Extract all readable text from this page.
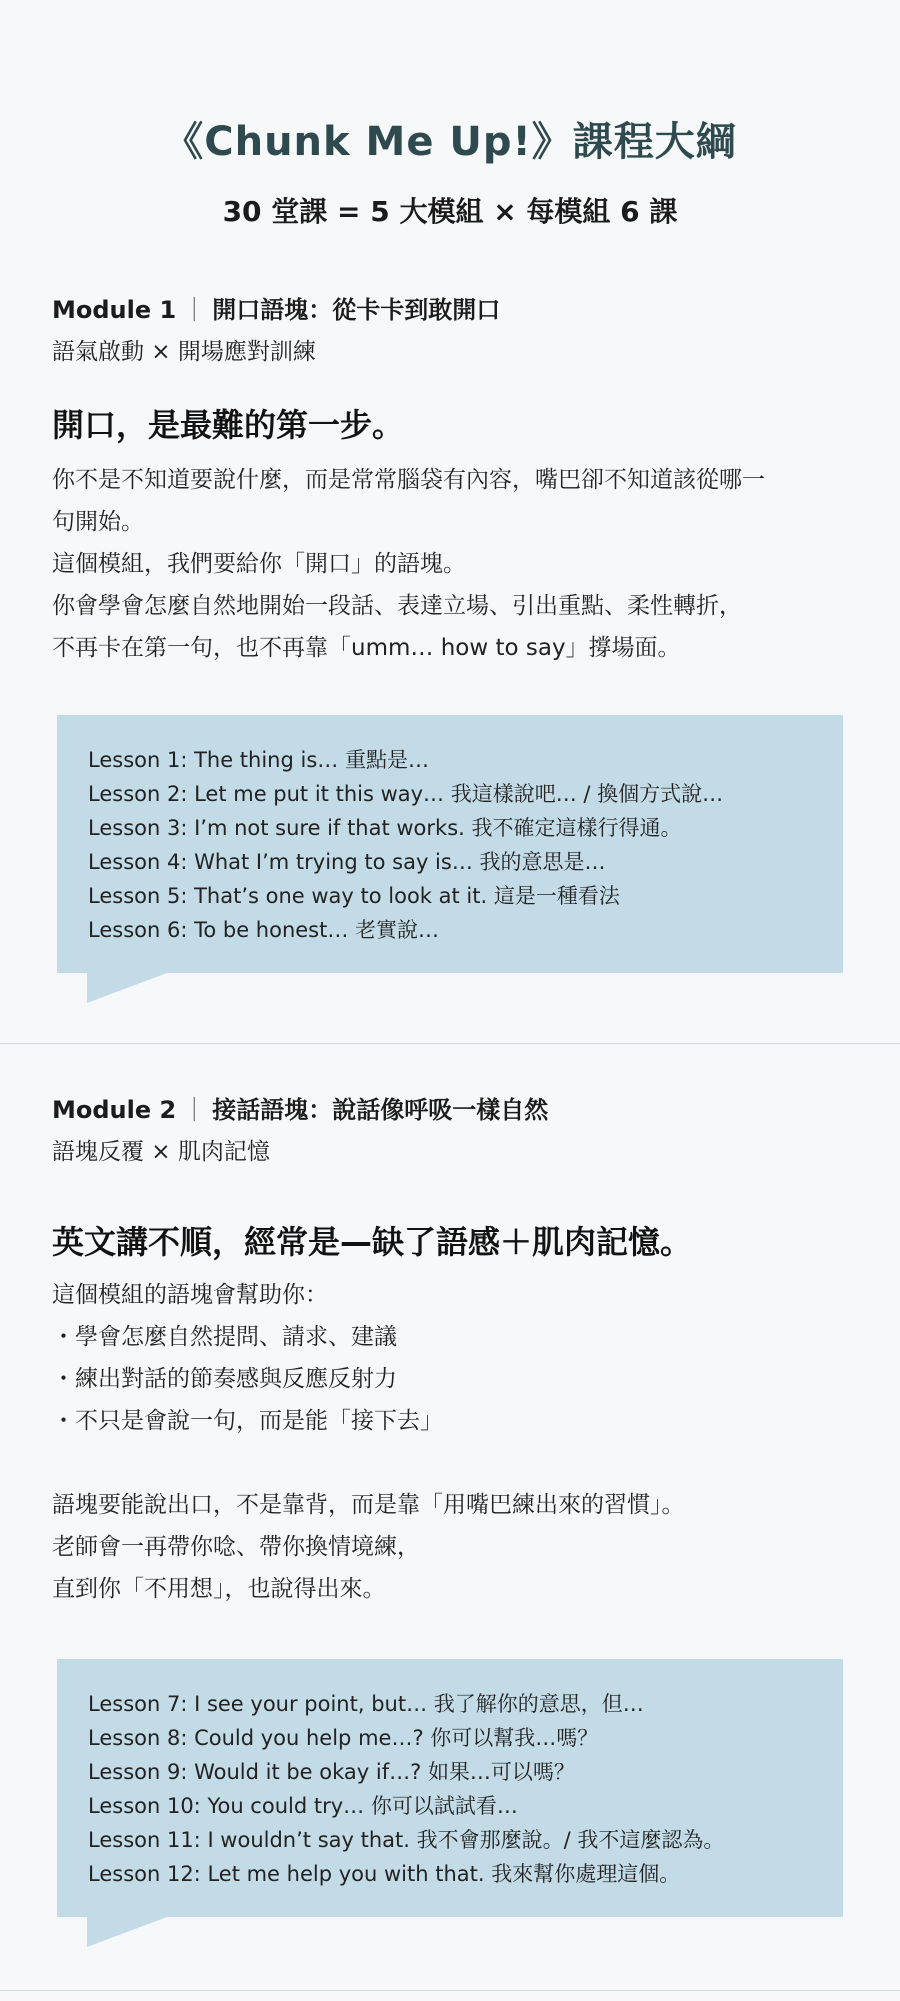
《Chunk Me Up!》課程大綱
30 堂課 = 5 大模組 × 每模組 6 課
Module 1 ｜ 開口語塊：從卡卡到敢開口
語氣啟動 × 開場應對訓練
開口，是最難的第一步。
你不是不知道要說什麼，而是常常腦袋有內容，嘴巴卻不知道該從哪一
句開始。
這個模組，我們要給你「開口」的語塊。
你會學會怎麼自然地開始一段話、表達立場、引出重點、柔性轉折，
不再卡在第一句，也不再靠「umm… how to say」撐場面。
Lesson 1: The thing is… 重點是…
Lesson 2: Let me put it this way… 我這樣說吧… / 換個方式說…
Lesson 3: I’m not sure if that works. 我不確定這樣行得通。
Lesson 4: What I’m trying to say is… 我的意思是…
Lesson 5: That’s one way to look at it. 這是一種看法
Lesson 6: To be honest… 老實說…
Module 2 ｜ 接話語塊：說話像呼吸一樣自然
語塊反覆 × 肌肉記憶
英文講不順，經常是—缺了語感＋肌肉記憶。
這個模組的語塊會幫助你：
・學會怎麼自然提問、請求、建議
・練出對話的節奏感與反應反射力
・不只是會說一句，而是能「接下去」
語塊要能說出口，不是靠背，而是靠「用嘴巴練出來的習慣」。
老師會一再帶你唸、帶你換情境練，
直到你「不用想」，也說得出來。
Lesson 7: I see your point, but… 我了解你的意思，但…
Lesson 8: Could you help me…? 你可以幫我…嗎？
Lesson 9: Would it be okay if…? 如果…可以嗎？
Lesson 10: You could try… 你可以試試看…
Lesson 11: I wouldn’t say that. 我不會那麼說。/ 我不這麼認為。
Lesson 12: Let me help you with that. 我來幫你處理這個。
